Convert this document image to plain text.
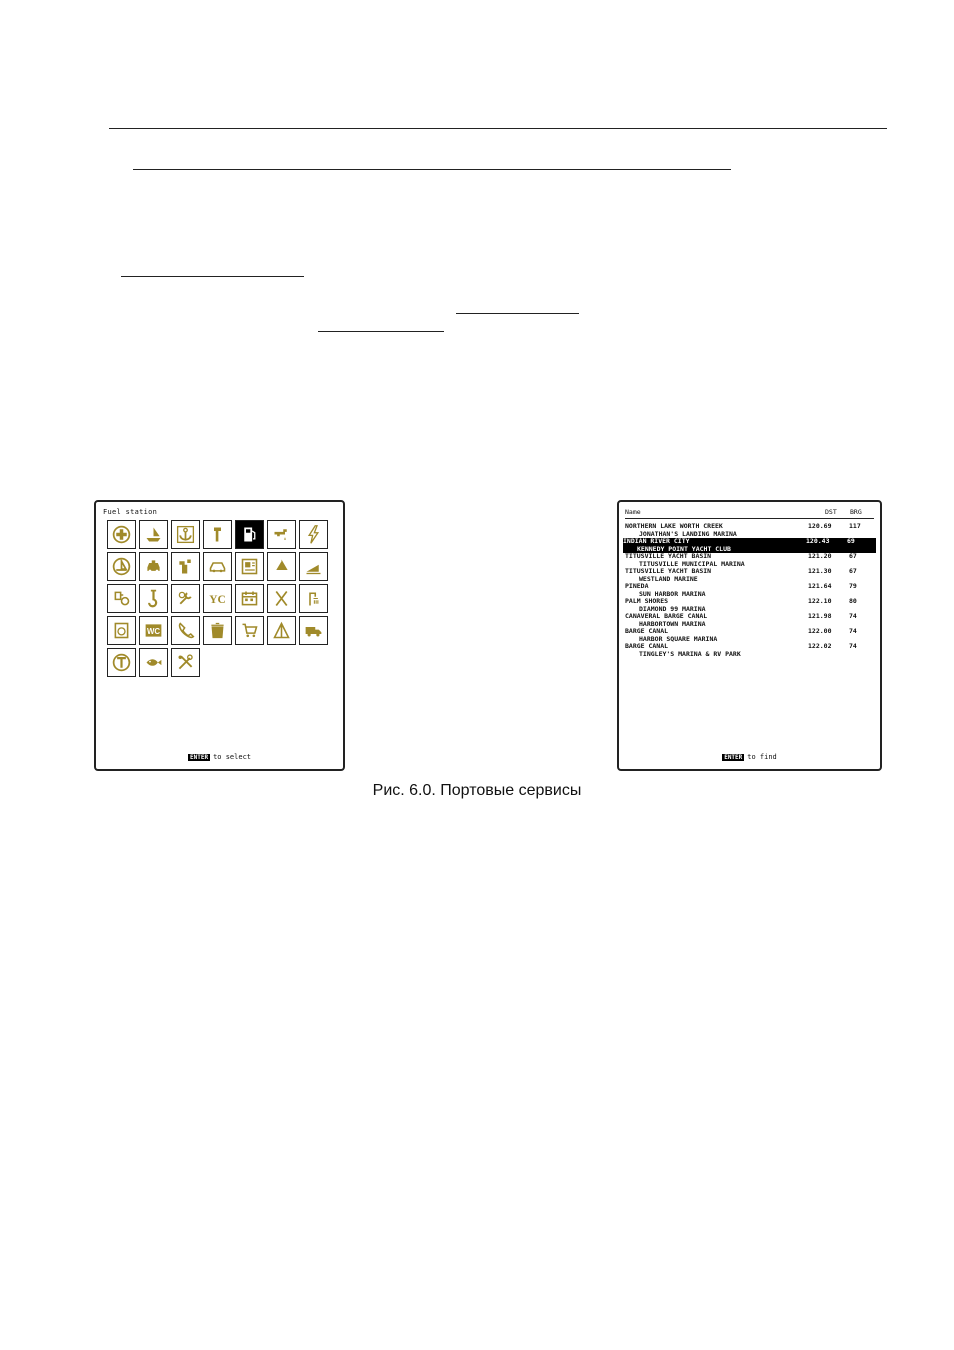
Fuel station
YC
WC
ENTER to select
Name	DST BRG
NORTHERN LAKE WORTH CREEK
JONATHAN'S LANDING MARINA
120.69	117
INDIAN RIVER CITY
KENNEDY POINT YACHT CLUB
120.43	69
TITUSVILLE YACHT BASIN
TITUSVILLE MUNICIPAL MARINA
121.20	67
TITUSVILLE YACHT BASIN
WESTLAND MARINE
121.30	67
PINEDA
SUN HARBOR MARINA
121.64	79
PALM SHORES
DIAMOND 99 MARINA
122.10	80
CANAVERAL BARGE CANAL
HARBORTOWN MARINA
121.98	74
BARGE CANAL
HARBOR SQUARE MARINA
122.00	74
BARGE CANAL
TINGLEY'S MARINA & RV PARK
122.02	74
ENTER to find
Рис. 6.0. Портовые сервисы
